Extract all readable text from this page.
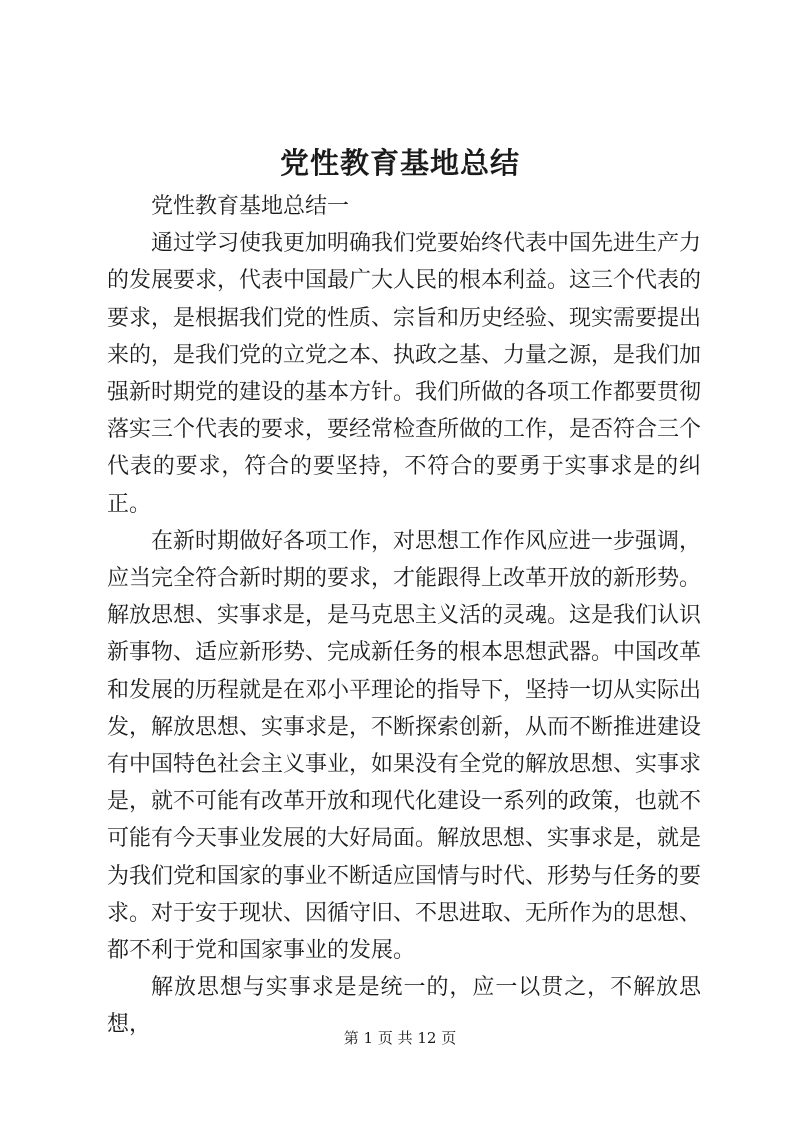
党性教育基地总结

党性教育基地总结一

通过学习使我更加明确我们党要始终代表中国先进生产力的发展要求，代表中国最广大人民的根本利益。这三个代表的要求，是根据我们党的性质、宗旨和历史经验、现实需要提出来的，是我们党的立党之本、执政之基、力量之源，是我们加强新时期党的建设的基本方针。我们所做的各项工作都要贯彻落实三个代表的要求，要经常检查所做的工作，是否符合三个代表的要求，符合的要坚持，不符合的要勇于实事求是的纠正。

在新时期做好各项工作，对思想工作作风应进一步强调，应当完全符合新时期的要求，才能跟得上改革开放的新形势。解放思想、实事求是，是马克思主义活的灵魂。这是我们认识新事物、适应新形势、完成新任务的根本思想武器。中国改革和发展的历程就是在邓小平理论的指导下，坚持一切从实际出发，解放思想、实事求是，不断探索创新，从而不断推进建设有中国特色社会主义事业，如果没有全党的解放思想、实事求是，就不可能有改革开放和现代化建设一系列的政策，也就不可能有今天事业发展的大好局面。解放思想、实事求是，就是为我们党和国家的事业不断适应国情与时代、形势与任务的要求。对于安于现状、因循守旧、不思进取、无所作为的思想、都不利于党和国家事业的发展。

解放思想与实事求是是统一的，应一以贯之，不解放思想，

第 1 页 共 12 页
